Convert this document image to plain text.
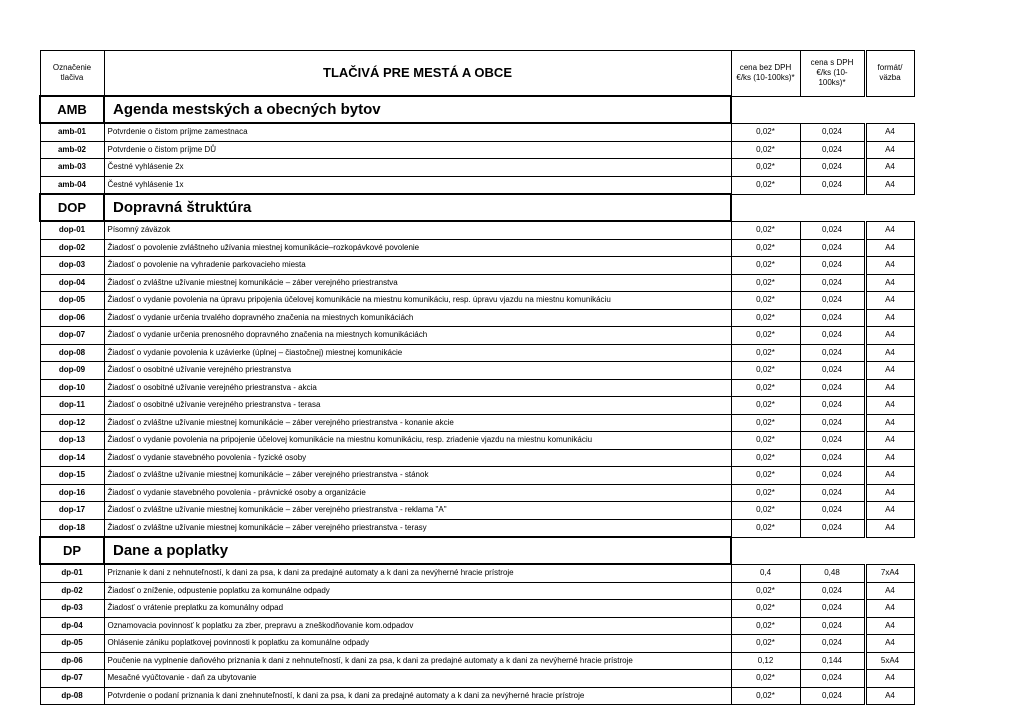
Označenie tlačiva	TLAČIVÁ PRE MESTÁ A OBCE	cena bez DPH €/ks (10-100ks)*	cena s DPH €/ks (10-100ks)*	formát/ väzba
AMB	Agenda mestských a obecných bytov			
amb-01	Potvrdenie o čistom príjme zamestnaca	0,02*	0,024	A4
amb-02	Potvrdenie o čistom príjme DŮ	0,02*	0,024	A4
amb-03	Čestné vyhlásenie 2x	0,02*	0,024	A4
amb-04	Čestné vyhlásenie 1x	0,02*	0,024	A4
DOP	Dopravná štruktúra			
dop-01	Písomný záväzok	0,02*	0,024	A4
dop-02	Žiadosť o povolenie zvláštneho užívania miestnej komunikácie–rozkopávkové povolenie	0,02*	0,024	A4
dop-03	Žiadosť o povolenie na vyhradenie parkovacieho miesta	0,02*	0,024	A4
dop-04	Žiadosť o zvláštne užívanie miestnej komunikácie – záber verejného priestranstva	0,02*	0,024	A4
dop-05	Žiadosť o vydanie povolenia na úpravu pripojenia účelovej komunikácie na miestnu komunikáciu, resp. úpravu vjazdu na miestnu komunikáciu	0,02*	0,024	A4
dop-06	Žiadosť o vydanie určenia trvalého dopravného značenia na miestnych komunikáciách	0,02*	0,024	A4
dop-07	Žiadosť o vydanie určenia prenosného dopravného značenia na miestnych komunikáciách	0,02*	0,024	A4
dop-08	Žiadosť o vydanie povolenia k uzávierke (úplnej – čiastočnej) miestnej komunikácie	0,02*	0,024	A4
dop-09	Žiadosť o osobitné užívanie verejného priestranstva	0,02*	0,024	A4
dop-10	Žiadosť o osobitné užívanie verejného priestranstva - akcia	0,02*	0,024	A4
dop-11	Žiadosť o osobitné užívanie verejného priestranstva - terasa	0,02*	0,024	A4
dop-12	Žiadosť o zvláštne užívanie miestnej komunikácie – záber verejného priestranstva - konanie akcie	0,02*	0,024	A4
dop-13	Žiadosť o vydanie povolenia na pripojenie účelovej komunikácie na miestnu komunikáciu, resp. zriadenie vjazdu na miestnu komunikáciu	0,02*	0,024	A4
dop-14	Žiadosť o vydanie stavebného povolenia - fyzické osoby	0,02*	0,024	A4
dop-15	Žiadosť o zvláštne užívanie miestnej komunikácie – záber verejného priestranstva - stánok	0,02*	0,024	A4
dop-16	Žiadosť o vydanie stavebného povolenia - právnické osoby a organizácie	0,02*	0,024	A4
dop-17	Žiadosť o zvláštne užívanie miestnej komunikácie – záber verejného priestranstva - reklama "A"	0,02*	0,024	A4
dop-18	Žiadosť o zvláštne užívanie miestnej komunikácie – záber verejného priestranstva - terasy	0,02*	0,024	A4
DP	Dane a poplatky			
dp-01	Priznanie k dani z nehnuteľností, k dani za psa, k dani za predajné automaty a k dani za nevýherné hracie prístroje	0,4	0,48	7xA4
dp-02	Žiadosť o zníženie, odpustenie poplatku za komunálne odpady	0,02*	0,024	A4
dp-03	Žiadosť o vrátenie preplatku za komunálny odpad	0,02*	0,024	A4
dp-04	Oznamovacia povinnosť k poplatku za zber, prepravu a zneškodňovanie kom.odpadov	0,02*	0,024	A4
dp-05	Ohlásenie zániku poplatkovej povinnosti k poplatku za komunálne odpady	0,02*	0,024	A4
dp-06	Poučenie na vyplnenie daňového priznania k dani z nehnuteľností, k dani za psa, k dani za predajné automaty a k dani za nevýherné hracie prístroje	0,12	0,144	5xA4
dp-07	Mesačné vyúčtovanie - daň za ubytovanie	0,02*	0,024	A4
dp-08	Potvrdenie o podaní priznania k dani znehnuteľností, k dani za psa, k dani za predajné automaty a k dani za nevýherné hracie prístroje	0,02*	0,024	A4
